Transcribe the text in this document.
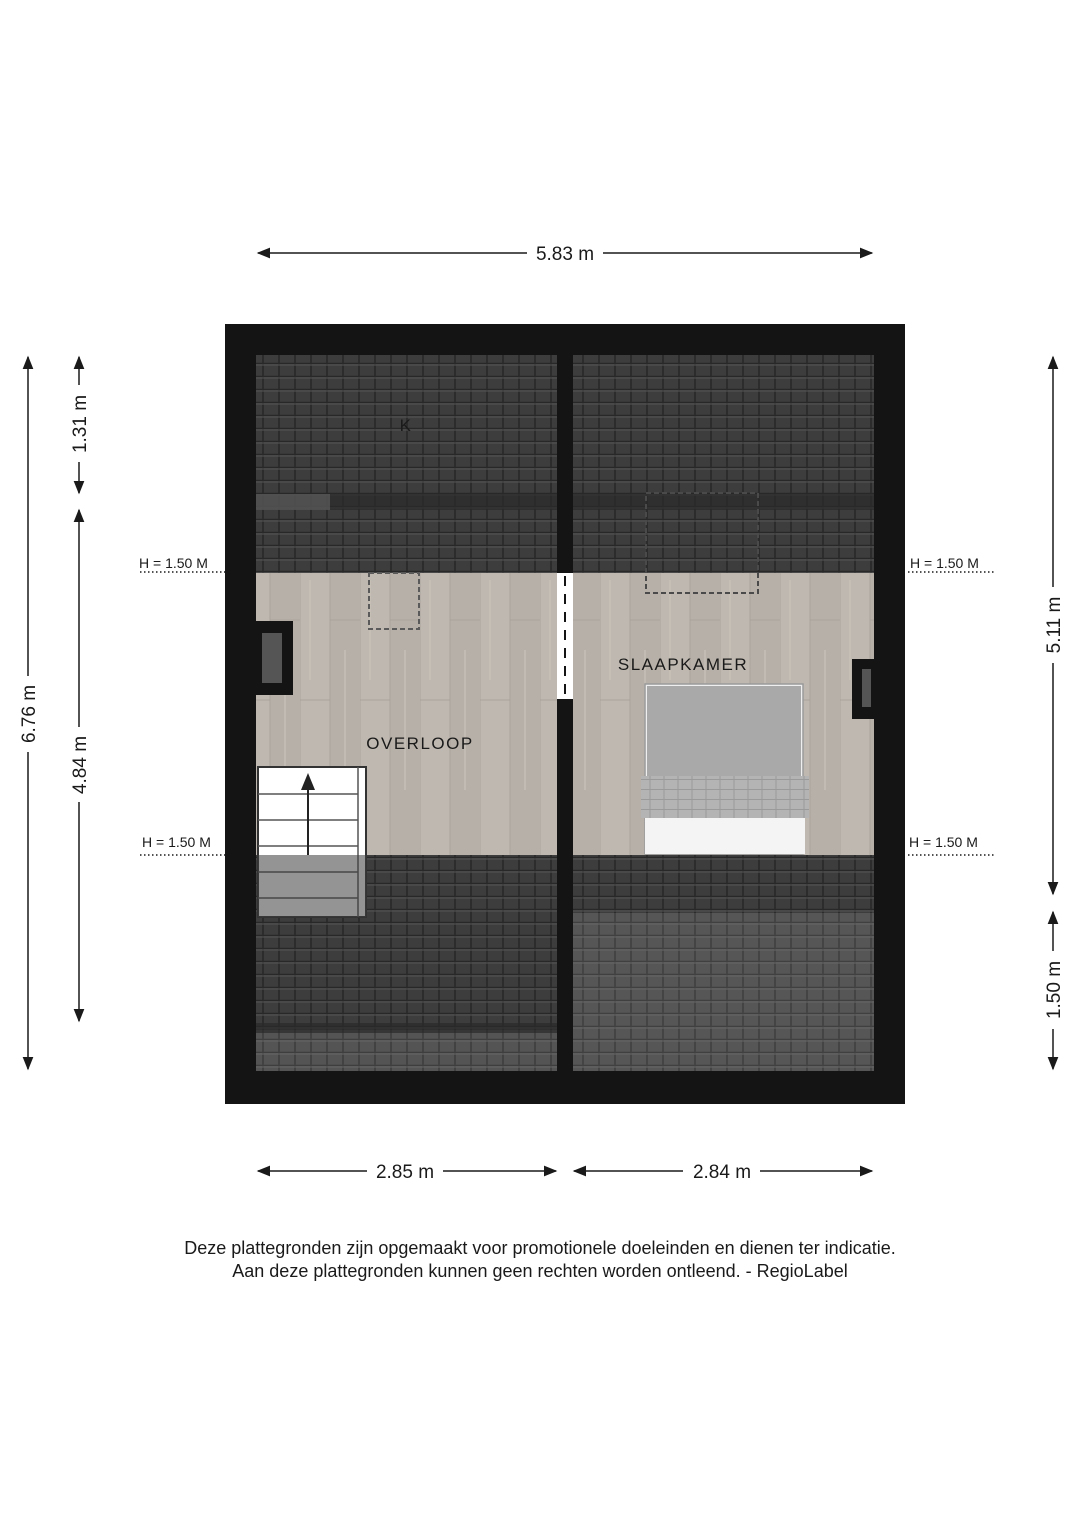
K
OVERLOOP
SLAAPKAMER
H = 1.50 M	H = 1.50 M
H = 1.50 M	H = 1.50 M
5.83 m
2.85 m	2.84 m
6.76 m
1.31 m
4.84 m
5.11 m
1.50 m
Deze plattegronden zijn opgemaakt voor promotionele doeleinden en dienen ter indicatie.
Aan deze plattegronden kunnen geen rechten worden ontleend. - RegioLabel
